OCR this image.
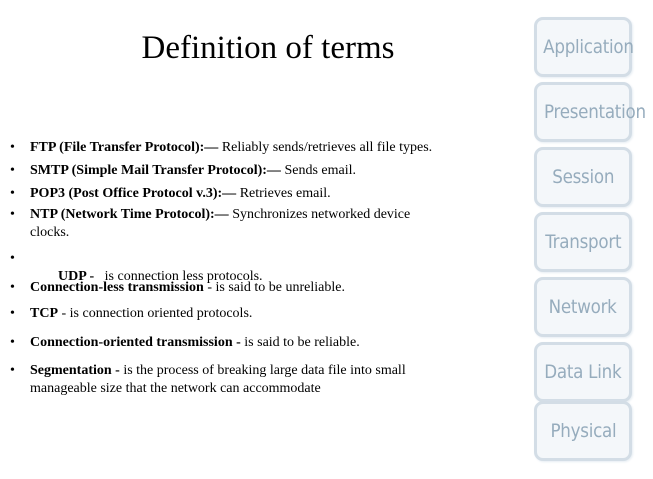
Definition of terms
• FTP (File Transfer Protocol):— Reliably sends/retrieves all file types.
• SMTP (Simple Mail Transfer Protocol):— Sends email.
• POP3 (Post Office Protocol v.3):— Retrieves email.
• NTP (Network Time Protocol):— Synchronizes networked device
clocks.
•

UDP -   is connection less protocols.

• Connection-less transmission - is said to be unreliable.
• TCP - is connection oriented protocols.
• Connection-oriented transmission - is said to be reliable.
• Segmentation - is the process of breaking large data file into small
manageable size that the network can accommodate
Application
Presentation
Session
Transport
Network
Data Link
Physical
